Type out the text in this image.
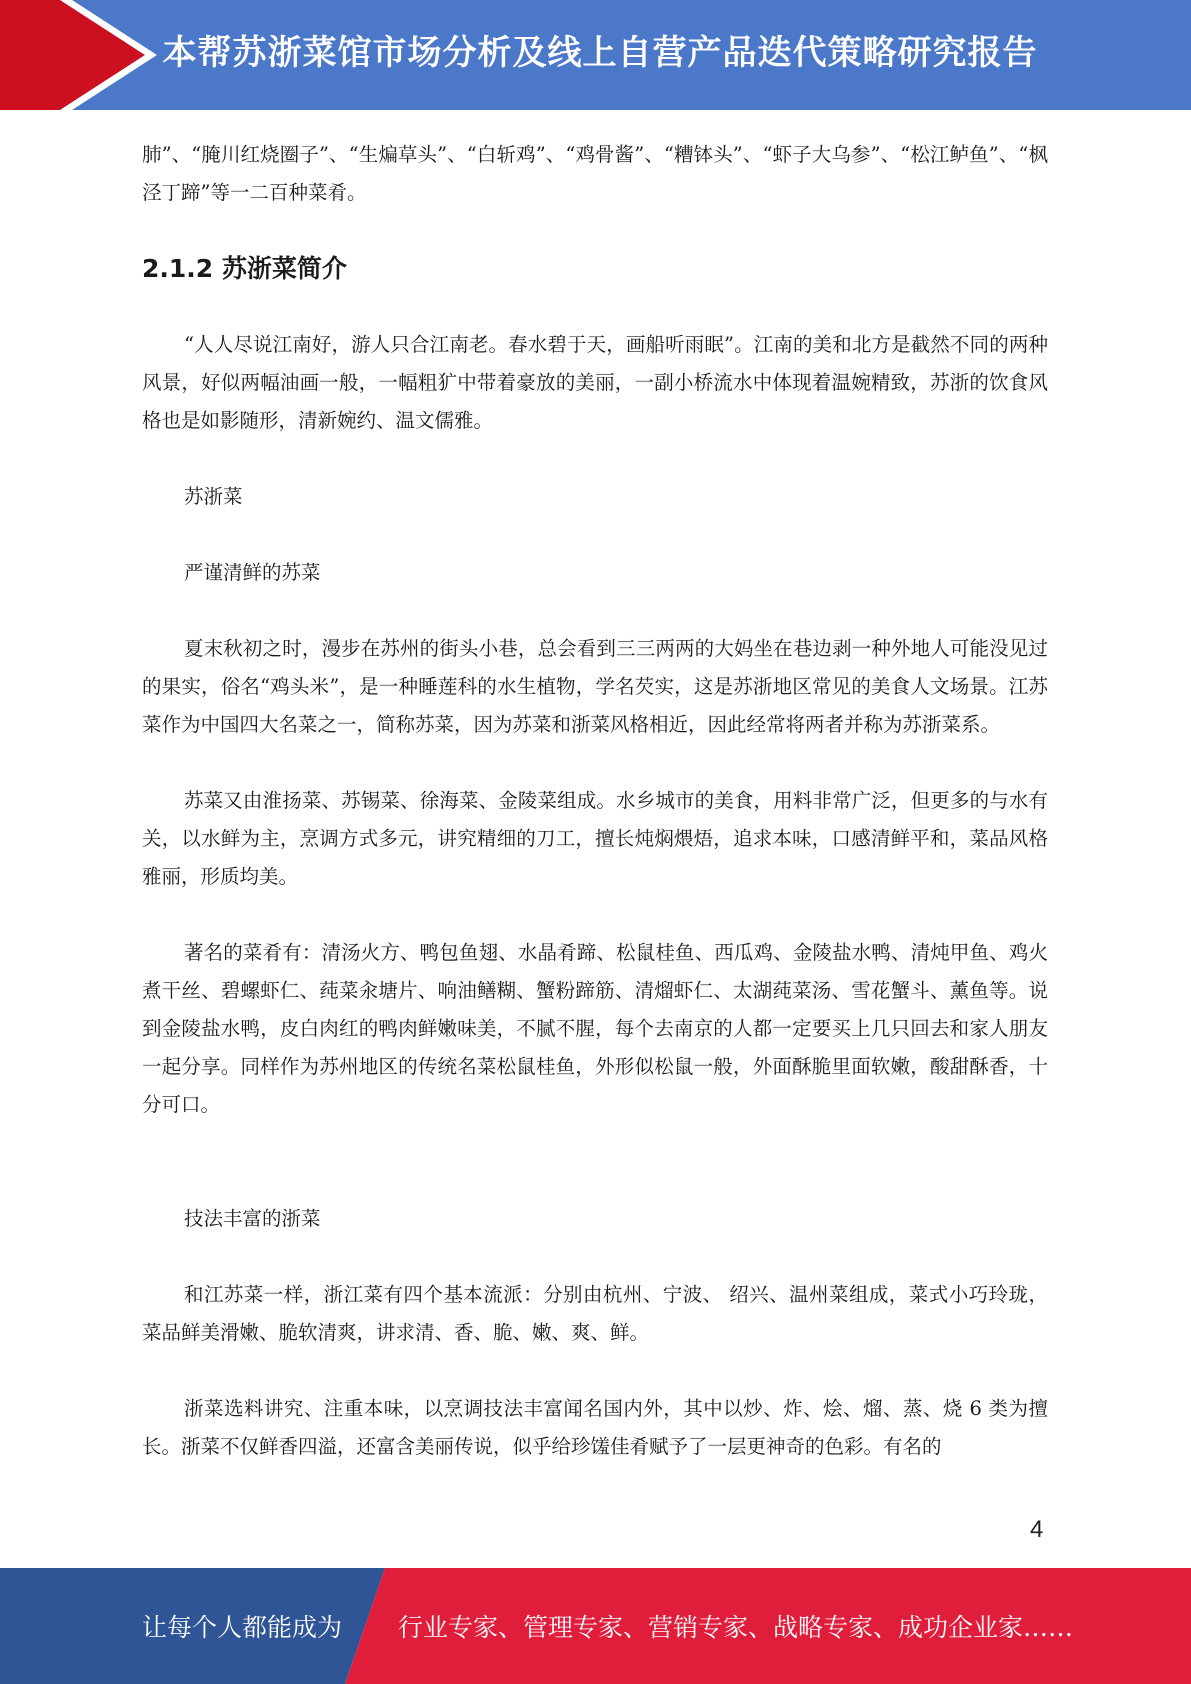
本帮苏浙菜馆市场分析及线上自营产品迭代策略研究报告

肺”、“腌川红烧圈子”、“生煸草头”、“白斩鸡”、“鸡骨酱”、“糟钵头”、“虾子大乌参”、“松江鲈鱼”、“枫泾丁蹄”等一二百种菜肴。

2.1.2 苏浙菜简介

“人人尽说江南好，游人只合江南老。春水碧于天，画船听雨眠”。江南的美和北方是截然不同的两种风景，好似两幅油画一般，一幅粗犷中带着豪放的美丽，一副小桥流水中体现着温婉精致，苏浙的饮食风格也是如影随形，清新婉约、温文儒雅。

苏浙菜

严谨清鲜的苏菜

夏末秋初之时，漫步在苏州的街头小巷，总会看到三三两两的大妈坐在巷边剥一种外地人可能没见过的果实，俗名“鸡头米”，是一种睡莲科的水生植物，学名芡实，这是苏浙地区常见的美食人文场景。江苏菜作为中国四大名菜之一，简称苏菜，因为苏菜和浙菜风格相近，因此经常将两者并称为苏浙菜系。

苏菜又由淮扬菜、苏锡菜、徐海菜、金陵菜组成。水乡城市的美食，用料非常广泛，但更多的与水有关，以水鲜为主，烹调方式多元，讲究精细的刀工，擅长炖焖煨焐，追求本味，口感清鲜平和，菜品风格雅丽，形质均美。

著名的菜肴有：清汤火方、鸭包鱼翅、水晶肴蹄、松鼠桂鱼、西瓜鸡、金陵盐水鸭、清炖甲鱼、鸡火煮干丝、碧螺虾仁、莼菜汆塘片、响油鳝糊、蟹粉蹄筋、清熘虾仁、太湖莼菜汤、雪花蟹斗、薰鱼等。说到金陵盐水鸭，皮白肉红的鸭肉鲜嫩味美，不腻不腥，每个去南京的人都一定要买上几只回去和家人朋友一起分享。同样作为苏州地区的传统名菜松鼠桂鱼，外形似松鼠一般，外面酥脆里面软嫩，酸甜酥香，十分可口。

技法丰富的浙菜

和江苏菜一样，浙江菜有四个基本流派：分别由杭州、宁波、 绍兴、温州菜组成，菜式小巧玲珑，菜品鲜美滑嫩、脆软清爽，讲求清、香、脆、嫩、爽、鲜。

浙菜选料讲究、注重本味，以烹调技法丰富闻名国内外，其中以炒、炸、烩、熘、蒸、烧 6 类为擅长。浙菜不仅鲜香四溢，还富含美丽传说，似乎给珍馐佳肴赋予了一层更神奇的色彩。有名的

4
让每个人都能成为 行业专家、管理专家、营销专家、战略专家、成功企业家……
